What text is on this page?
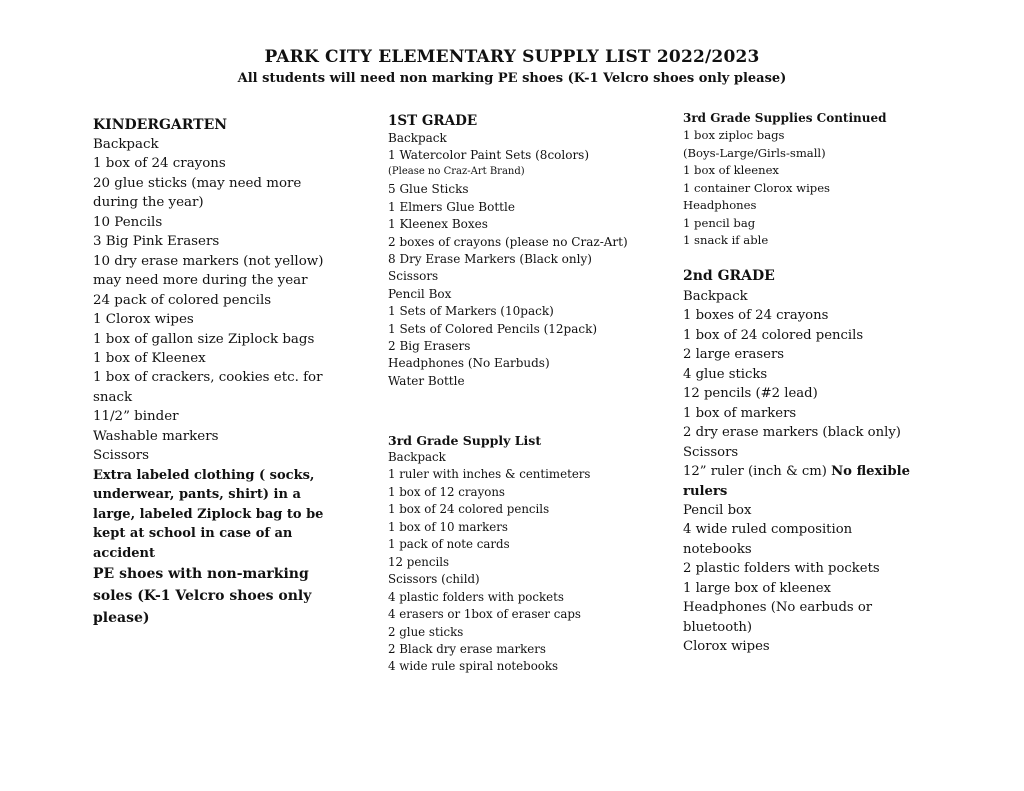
PARK CITY ELEMENTARY SUPPLY LIST 2022/2023
All students will need non marking PE shoes (K-1 Velcro shoes only please)
KINDERGARTEN
Backpack
1 box of 24 crayons
20 glue sticks (may need more
during the year)
10 Pencils
3 Big Pink Erasers
10 dry erase markers (not yellow)
may need more during the year
24 pack of colored pencils
1 Clorox wipes
1 box of gallon size Ziplock bags
1 box of Kleenex
1 box of crackers, cookies etc. for
snack
11/2” binder
Washable markers
Scissors
Extra labeled clothing ( socks,
underwear, pants, shirt) in a
large, labeled Ziplock bag to be
kept at school in case of an
accident
PE shoes with non-marking
soles (K-1 Velcro shoes only
please)
1ST GRADE
Backpack
1 Watercolor Paint Sets (8colors)
(Please no Craz-Art Brand)
5 Glue Sticks
1 Elmers Glue Bottle
1 Kleenex Boxes
2 boxes of crayons (please no Craz-Art)
8 Dry Erase Markers (Black only)
Scissors
Pencil Box
1 Sets of Markers (10pack)
1 Sets of Colored Pencils (12pack)
2 Big Erasers
Headphones (No Earbuds)
Water Bottle
3rd Grade Supply List
Backpack
1 ruler with inches & centimeters
1 box of 12 crayons
1 box of 24 colored pencils
1 box of 10 markers
1 pack of note cards
12 pencils
Scissors (child)
4 plastic folders with pockets
4 erasers or 1box of eraser caps
2 glue sticks
2 Black dry erase markers
4 wide rule spiral notebooks
3rd Grade Supplies Continued
1 box ziploc bags
(Boys-Large/Girls-small)
1 box of kleenex
1 container Clorox wipes
Headphones
1 pencil bag
1 snack if able
2nd GRADE
Backpack
1 boxes of 24 crayons
1 box of 24 colored pencils
2 large erasers
4 glue sticks
12 pencils (#2 lead)
1 box of markers
2 dry erase markers (black only)
Scissors
12” ruler (inch & cm) No flexible
rulers
Pencil box
4 wide ruled composition
notebooks
2 plastic folders with pockets
1 large box of kleenex
Headphones (No earbuds or
bluetooth)
Clorox wipes
